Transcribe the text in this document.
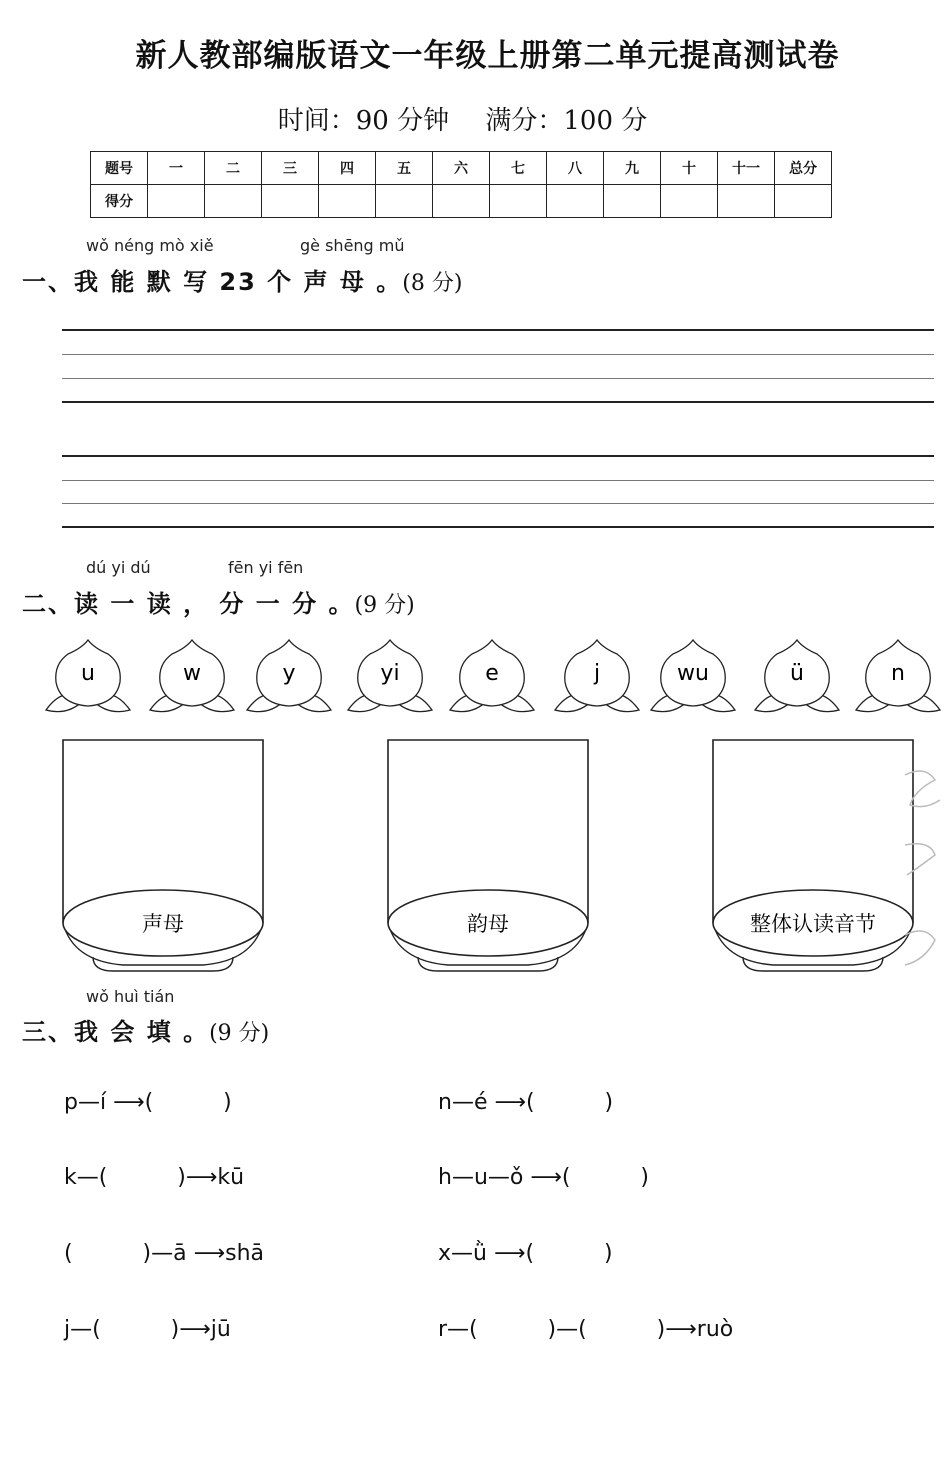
新人教部编版语文一年级上册第二单元提高测试卷
时间：90 分钟 满分：100 分
题号	一	二	三	四	五	六	七	八	九	十	十一	总分
得分												
wǒ néng mò xiě	gè shēng mǔ
一、我 能 默 写 23 个 声 母 。(8 分)
dú yi dú	fēn yi fēn
二、读 一 读 ， 分 一 分 。(9 分)
u	w	y	yi	e	j	wu	ü	n
声母	韵母	整体认读音节
wǒ huì tián
三、我 会 填 。(9 分)
p—í ⟶(          )	n—é ⟶(          )
k—(          )⟶kū	h—u—ǒ ⟶(          )
(          )—ā ⟶shā	x—ǜ ⟶(          )
j—(          )⟶jū	r—(          )—(          )⟶ruò
